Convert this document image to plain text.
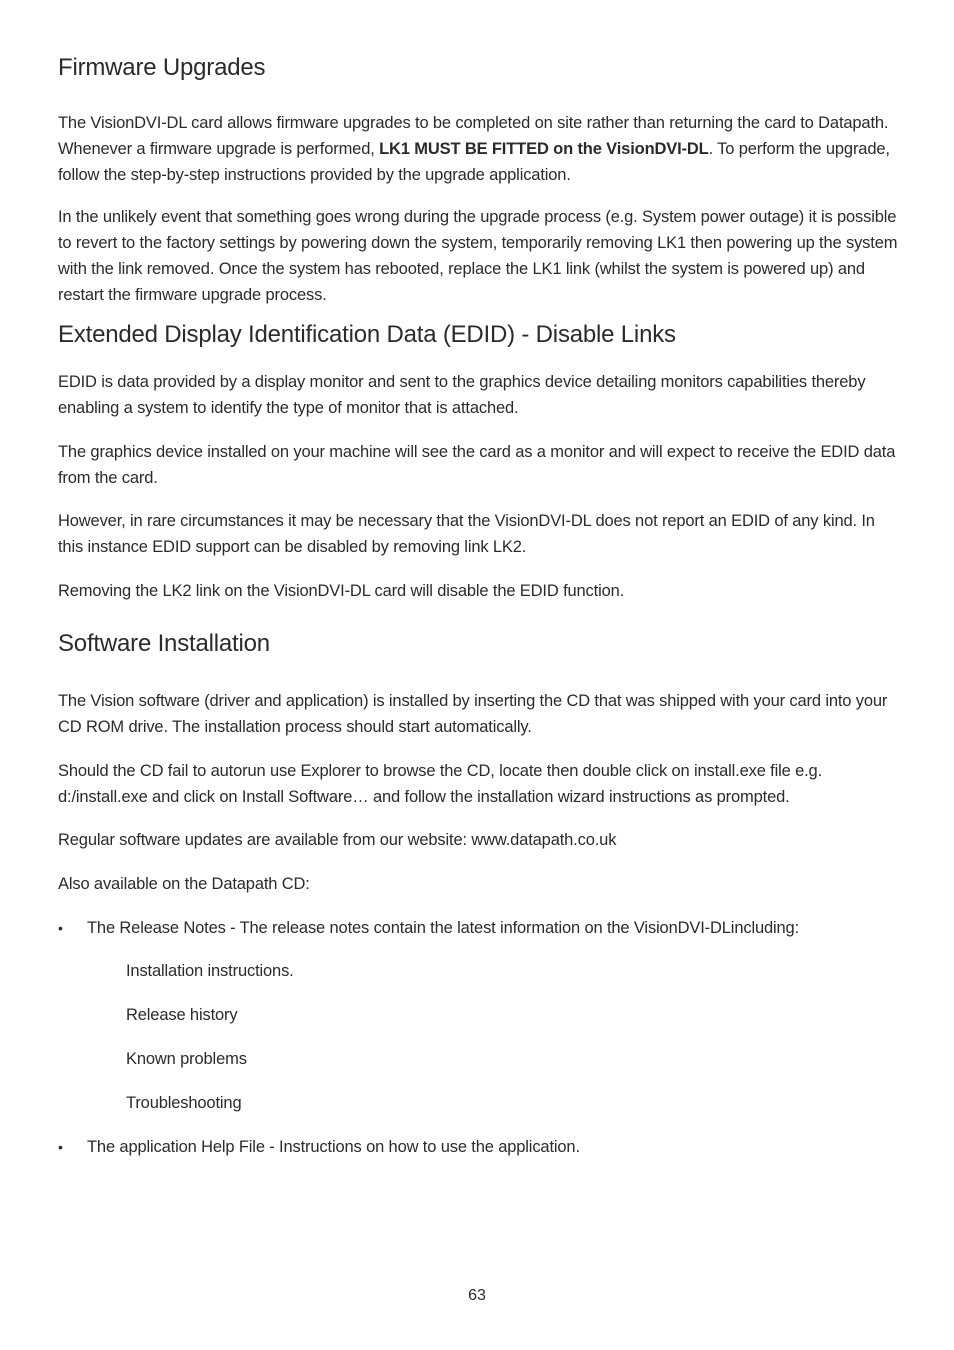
Firmware Upgrades

The VisionDVI-DL card allows firmware upgrades to be completed on site rather than returning the card to Datapath. Whenever a firmware upgrade is performed, LK1 MUST BE FITTED on the VisionDVI-DL. To perform the upgrade, follow the step-by-step instructions provided by the upgrade application.

In the unlikely event that something goes wrong during the upgrade process (e.g. System power outage) it is possible to revert to the factory settings by powering down the system, temporarily removing LK1 then powering up the system with the link removed. Once the system has rebooted, replace the LK1 link (whilst the system is powered up) and restart the firmware upgrade process.

Extended Display Identification Data (EDID) - Disable Links

EDID is data provided by a display monitor and sent to the graphics device detailing monitors capabilities thereby enabling a system to identify the type of monitor that is attached.

The graphics device installed on your machine will see the card as a monitor and will expect to receive the EDID data from the card.

However, in rare circumstances it may be necessary that the VisionDVI-DL does not report an EDID of any kind. In this instance EDID support can be disabled by removing link LK2.

Removing the LK2 link on the VisionDVI-DL card will disable the EDID function.

Software Installation

The Vision software (driver and application) is installed by inserting the CD that was shipped with your card into your CD ROM drive. The installation process should start automatically.

Should the CD fail to autorun use Explorer to browse the CD, locate then double click on install.exe file e.g. d:/install.exe and click on Install Software… and follow the installation wizard instructions as prompted.

Regular software updates are available from our website: www.datapath.co.uk

Also available on the Datapath CD:

• The Release Notes - The release notes contain the latest information on the VisionDVI-DLincluding:
Installation instructions.
Release history
Known problems
Troubleshooting
• The application Help File - Instructions on how to use the application.
63
